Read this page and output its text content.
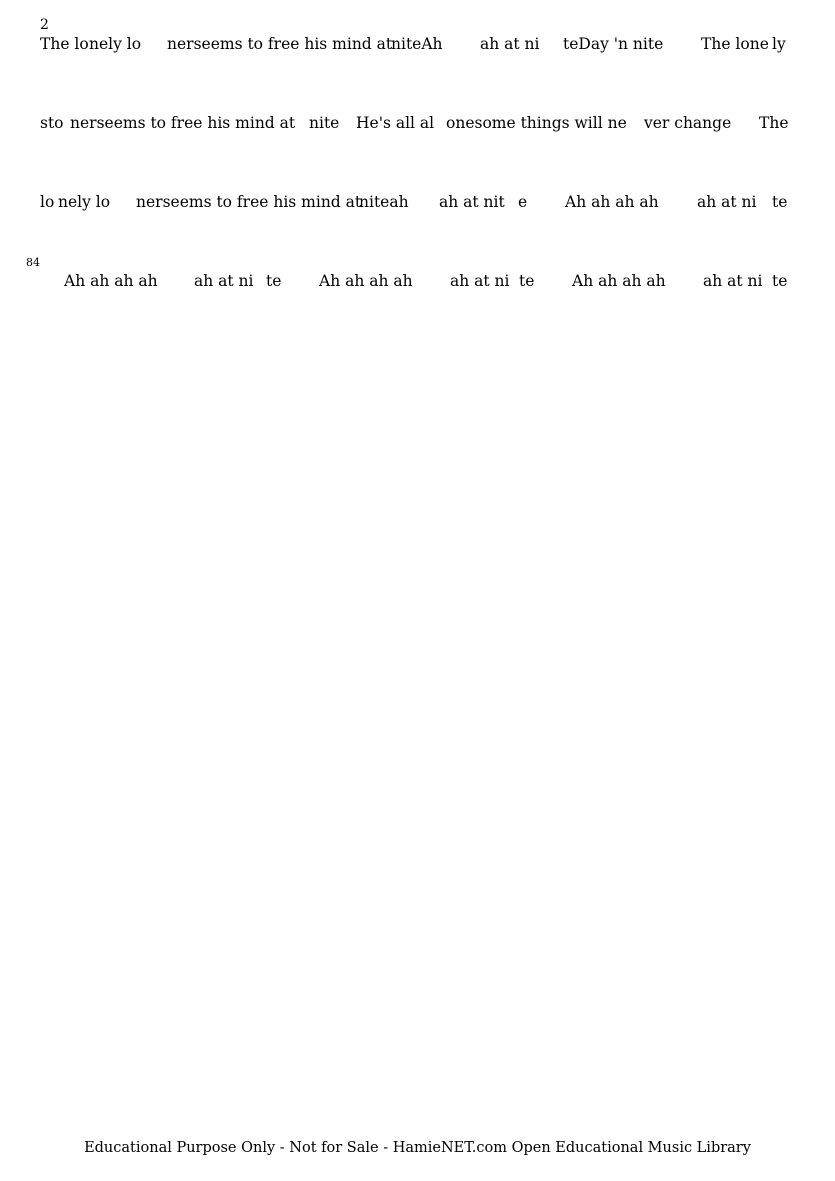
2
The lo nely lo nerseems to free his mind at
niteAh ah at ni teDay 'n nite The lone ly
sto nerseems to free his mind at nite He's all al onesome things will ne ver change The
lo nely lo nerseems to free his mind at
niteah ah at nit e Ah ah ah ah ah at ni te
84
Ah ah ah ah ah at ni te Ah ah ah ah ah at ni te Ah ah ah ah ah at ni te
Educational Purpose Only - Not for Sale - HamieNET.com Open Educational Music Library
